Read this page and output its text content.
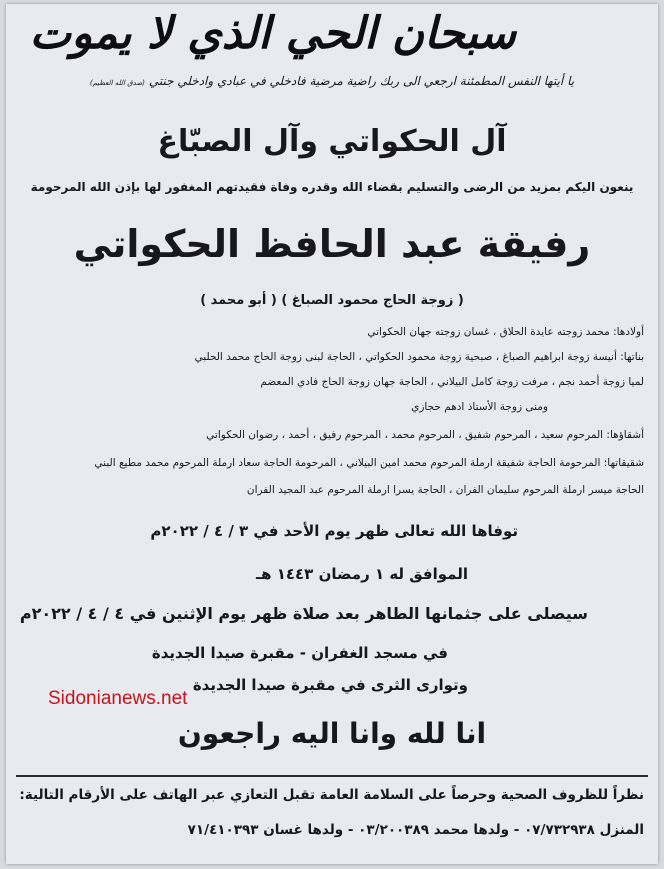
سبحان الحي الذي لا يموت
يا أيتها النفس المطمئنة ارجعي الى ربك راضية مرضية فادخلي في عبادي وادخلي جنتي (صدق الله العظيم)
آل الحكواتي وآل الصبّاغ
ينعون اليكم بمزيد من الرضى والتسليم بقضاء الله وقدره وفاة فقيدتهم المغفور لها بإذن الله المرحومة
رفيقة عبد الحافظ الحكواتي
( زوجة الحاج محمود الصباغ ) ( أبو محمد )
أولادها: محمد زوجته عايدة الحلاق ، غسان زوجته جهان الحكواتي
بناتها: أنيسة زوجة ابراهيم الصباغ ، صبحية زوجة محمود الحكواتي ، الحاجة لبنى زوجة الحاج محمد الحلبي
لميا زوجة أحمد نجم ، مرفت زوجة كامل البيلاني ، الحاجة جهان زوجة الحاج فادي المعضم
ومنى زوجة الأستاذ ادهم حجازي
أشقاؤها: المرحوم سعيد ، المرحوم شفيق ، المرحوم محمد ، المرحوم رفيق ، أحمد ، رضوان الحكواتي
شقيقاتها: المرحومة الحاجة شفيقة ارملة المرحوم محمد امين البيلاني ، المرحومة الحاجة سعاد ارملة المرحوم محمد مطيع البني
الحاجة ميسر ارملة المرحوم سليمان الفران ، الحاجة يسرا ارملة المرحوم عبد المجيد الفران
توفاها الله تعالى ظهر يوم الأحد في ٣ / ٤ / ٢٠٢٢م
الموافق له ١ رمضان ١٤٤٣ هـ
سيصلى على جثمانها الطاهر بعد صلاة ظهر يوم الإثنين في ٤ / ٤ / ٢٠٢٢م
في مسجد الغفران - مقبرة صيدا الجديدة
وتوارى الثرى في مقبرة صيدا الجديدة
Sidonianews.net
انا لله وانا اليه راجعون
نظراً للظروف الصحية وحرصاً على السلامة العامة تقبل التعازي عبر الهاتف على الأرقام التالية:
المنزل ٠٧/٧٣٢٩٣٨ - ولدها محمد ٠٣/٢٠٠٣٨٩ - ولدها غسان ٧١/٤١٠٣٩٣
